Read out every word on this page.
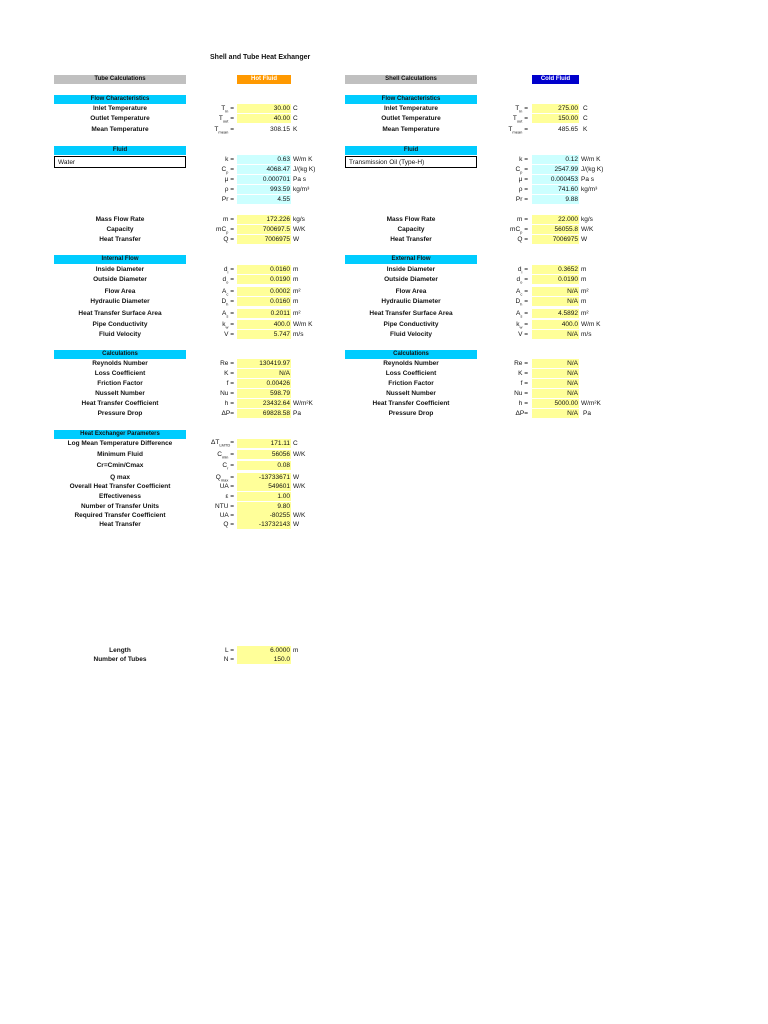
Shell and Tube Heat Exhanger
Tube Calculations	Hot Fluid	Shell Calculations	Cold Fluid
Flow Characteristics
Inlet Temperature	$T_{in}$ =	30.00 C
Outlet Temperature	$T_{out}$ =	40.00 C
Mean Temperature	$T_{mean}$ =	308.15 K
Fluid
Water	k =	0.63 W/m K
$C_p$ =	4068.47 J/(kg K)
μ =	0.000701 Pa s
ρ =	993.59 kg/m³
Pr =	4.55
Mass Flow Rate	m =	172.226 kg/s
Capacity	$mC_p$ =	700697.5 W/K
Heat Transfer	Q =	7006975 W
Internal Flow
Inside Diameter	$d_i$ =	0.0160 m
Outside Diameter	$d_o$ =	0.0190 m
Flow Area	$A_c$ =	0.0002 m²
Hydraulic Diameter	$D_h$ =	0.0160 m
Heat Transfer Surface Area	$A_s$ =	0.2011 m²
Pipe Conductivity	$k_w$ =	400.0 W/m K
Fluid Velocity	V =	5.747 m/s
Calculations
Reynolds Number	Re =	130419.97
Loss Coefficient	K =	N/A
Friction Factor	f =	0.00426
Nusselt Number	Nu =	598.79
Heat Transfer Coefficient	h =	23432.64 W/m²K
Pressure Drop	ΔP=	69828.58 Pa
Heat Exchanger Parameters
Log Mean Temperature Difference	$\Delta T_{LMTD}=$	171.11 C
Minimum Fluid	$C_{min}$ =	56056 W/K
Cr=Cmin/Cmax	$C_r$ =	0.08
Q max	$Q_{max}$ =	-13733671 W
Overall Heat Transfer Coefficient	UA =	549601 W/K
Effectiveness	ε =	1.00
Number of Transfer Units	NTU =	9.80
Required Transfer Coefficient	UA =	-80255 W/K
Heat Transfer	Q =	-13732143 W
Length	L =	6.0000 m
Number of Tubes	N =	150.0
Flow Characteristics
Inlet Temperature	$T_{in}$ =	275.00 C
Outlet Temperature	$T_{out}$ =	150.00 C
Mean Temperature	$T_{mean}$ =	485.65 K
Fluid
Transmission Oil (Type-H)	k =	0.12 W/m K
$C_p$ =	2547.99 J/(kg K)
μ =	0.000453 Pa s
ρ =	741.60 kg/m³
Pr =	9.88
Mass Flow Rate	m =	22.000 kg/s
Capacity	$mC_p$ =	56055.8 W/K
Heat Transfer	Q =	7006975 W
External Flow
Inside Diameter	$d_i$ =	0.3652 m
Outside Diameter	$d_o$ =	0.0190 m
Flow Area	$A_c$ =	N/A m²
Hydraulic Diameter	$D_h$ =	N/A m
Heat Transfer Surface Area	$A_s$ =	4.5892 m²
Pipe Conductivity	$k_w$ =	400.0 W/m K
Fluid Velocity	V =	N/A m/s
Calculations
Reynolds Number	Re =	N/A
Loss Coefficient	K =	N/A
Friction Factor	f =	N/A
Nusselt Number	Nu =	N/A
Heat Transfer Coefficient	h =	5000.00 W/m²K
Pressure Drop	ΔP=	N/A Pa
